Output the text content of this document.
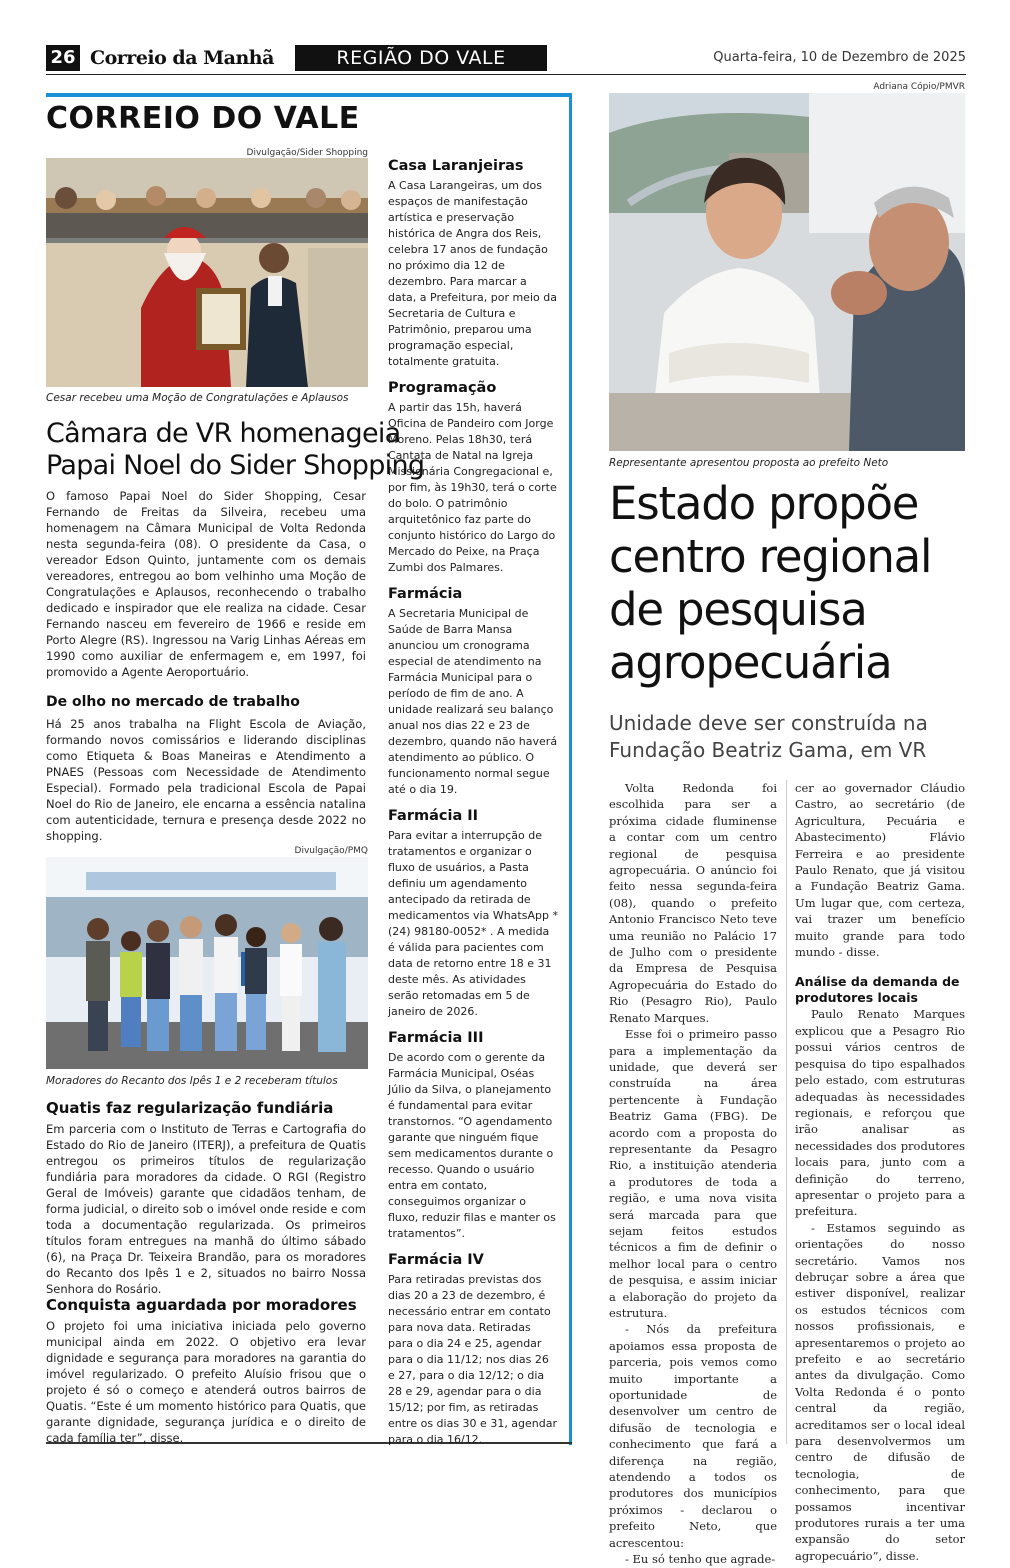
26 Correio da Manhã	REGIÃO DO VALE	Quarta-feira, 10 de Dezembro de 2025
CORREIO DO VALE
Divulgação/Sider Shopping
Cesar recebeu uma Moção de Congratulações e Aplausos
Câmara de VR homenageia
Papai Noel do Sider Shopping
O famoso Papai Noel do Sider Shopping, Cesar Fernando de Freitas da Silveira, recebeu uma homenagem na Câmara Municipal de Volta Redonda nesta segunda-feira (08). O presidente da Casa, o vereador Edson Quinto, juntamente com os demais vereadores, entregou ao bom velhinho uma Moção de Congratulações e Aplausos, reconhecendo o trabalho dedicado e inspirador que ele realiza na cidade. Cesar Fernando nasceu em fevereiro de 1966 e reside em Porto Alegre (RS). Ingressou na Varig Linhas Aéreas em 1990 como auxiliar de enfermagem e, em 1997, foi promovido a Agente Aeroportuário.
De olho no mercado de trabalho
Há 25 anos trabalha na Flight Escola de Aviação, formando novos comissários e liderando disciplinas como Etiqueta & Boas Maneiras e Atendimento a PNAES (Pessoas com Necessidade de Atendimento Especial). Formado pela tradicional Escola de Papai Noel do Rio de Janeiro, ele encarna a essência natalina com autenticidade, ternura e presença desde 2022 no shopping.
Divulgação/PMQ
Moradores do Recanto dos Ipês 1 e 2 receberam títulos
Quatis faz regularização fundiária
Em parceria com o Instituto de Terras e Cartografia do Estado do Rio de Janeiro (ITERJ), a prefeitura de Quatis entregou os primeiros títulos de regularização fundiária para moradores da cidade. O RGI (Registro Geral de Imóveis) garante que cidadãos tenham, de forma judicial, o direito sob o imóvel onde reside e com toda a documentação regularizada. Os primeiros títulos foram entregues na manhã do último sábado (6), na Praça Dr. Teixeira Brandão, para os moradores do Recanto dos Ipês 1 e 2, situados no bairro Nossa Senhora do Rosário.
Conquista aguardada por moradores
O projeto foi uma iniciativa iniciada pelo governo municipal ainda em 2022. O objetivo era levar dignidade e segurança para moradores na garantia do imóvel regularizado. O prefeito Aluísio frisou que o projeto é só o começo e atenderá outros bairros de Quatis. “Este é um momento histórico para Quatis, que garante dignidade, segurança jurídica e o direito de cada família ter”, disse.
Casa Laranjeiras
A Casa Larangeiras, um dos espaços de manifestação artística e preservação histórica de Angra dos Reis, celebra 17 anos de fundação no próximo dia 12 de dezembro. Para marcar a data, a Prefeitura, por meio da Secretaria de Cultura e Patrimônio, preparou uma programação especial, totalmente gratuita.
Programação
A partir das 15h, haverá Oficina de Pandeiro com Jorge Moreno. Pelas 18h30, terá Cantata de Natal na Igreja Missionária Congregacional e, por fim, às 19h30, terá o corte do bolo. O patrimônio arquitetônico faz parte do conjunto histórico do Largo do Mercado do Peixe, na Praça Zumbi dos Palmares.
Farmácia
A Secretaria Municipal de Saúde de Barra Mansa anunciou um cronograma especial de atendimento na Farmácia Municipal para o período de fim de ano. A unidade realizará seu balanço anual nos dias 22 e 23 de dezembro, quando não haverá atendimento ao público. O funcionamento normal segue até o dia 19.
Farmácia II
Para evitar a interrupção de tratamentos e organizar o fluxo de usuários, a Pasta definiu um agendamento antecipado da retirada de medicamentos via WhatsApp *(24) 98180-0052* . A medida é válida para pacientes com data de retorno entre 18 e 31 deste mês. As atividades serão retomadas em 5 de janeiro de 2026.
Farmácia III
De acordo com o gerente da Farmácia Municipal, Oséas Júlio da Silva, o planejamento é fundamental para evitar transtornos. “O agendamento garante que ninguém fique sem medicamentos durante o recesso. Quando o usuário entra em contato, conseguimos organizar o fluxo, reduzir filas e manter os tratamentos”.
Farmácia IV
Para retiradas previstas dos dias 20 a 23 de dezembro, é necessário entrar em contato para nova data. Retiradas para o dia 24 e 25, agendar para o dia 11/12; nos dias 26 e 27, para o dia 12/12; o dia 28 e 29, agendar para o dia 15/12; por fim, as retiradas entre os dias 30 e 31, agendar para o dia 16/12.
Adriana Cópio/PMVR
Representante apresentou proposta ao prefeito Neto
Estado propõe centro regional de pesquisa agropecuária
Unidade deve ser construída na Fundação Beatriz Gama, em VR

Volta Redonda foi escolhida para ser a próxima cidade fluminense a contar com um centro regional de pesquisa agropecuária. O anúncio foi feito nessa segunda-feira (08), quando o prefeito Antonio Francisco Neto teve uma reunião no Palácio 17 de Julho com o presidente da Empresa de Pesquisa Agropecuária do Estado do Rio (Pesagro Rio), Paulo Renato Marques.

Esse foi o primeiro passo para a implementação da unidade, que deverá ser construída na área pertencente à Fundação Beatriz Gama (FBG). De acordo com a proposta do representante da Pesagro Rio, a instituição atenderia a produtores de toda a região, e uma nova visita será marcada para que sejam feitos estudos técnicos a fim de definir o melhor local para o centro de pesquisa, e assim iniciar a elaboração do projeto da estrutura.

- Nós da prefeitura apoiamos essa proposta de parceria, pois vemos como muito importante a oportunidade de desenvolver um centro de difusão de tecnologia e conhecimento que fará a diferença na região, atendendo a todos os produtores dos municípios próximos - declarou o prefeito Neto, que acrescentou:

- Eu só tenho que agrade-

cer ao governador Cláudio Castro, ao secretário (de Agricultura, Pecuária e Abastecimento) Flávio Ferreira e ao presidente Paulo Renato, que já visitou a Fundação Beatriz Gama. Um lugar que, com certeza, vai trazer um benefício muito grande para todo mundo - disse.

Análise da demanda de produtores locais

Paulo Renato Marques explicou que a Pesagro Rio possui vários centros de pesquisa do tipo espalhados pelo estado, com estruturas adequadas às necessidades regionais, e reforçou que irão analisar as necessidades dos produtores locais para, junto com a definição do terreno, apresentar o projeto para a prefeitura.

- Estamos seguindo as orientações do nosso secretário. Vamos nos debruçar sobre a área que estiver disponível, realizar os estudos técnicos com nossos profissionais, e apresentaremos o projeto ao prefeito e ao secretário antes da divulgação. Como Volta Redonda é o ponto central da região, acreditamos ser o local ideal para desenvolvermos um centro de difusão de tecnologia, de conhecimento, para que possamos incentivar produtores rurais a ter uma expansão do setor agropecuário”, disse.
